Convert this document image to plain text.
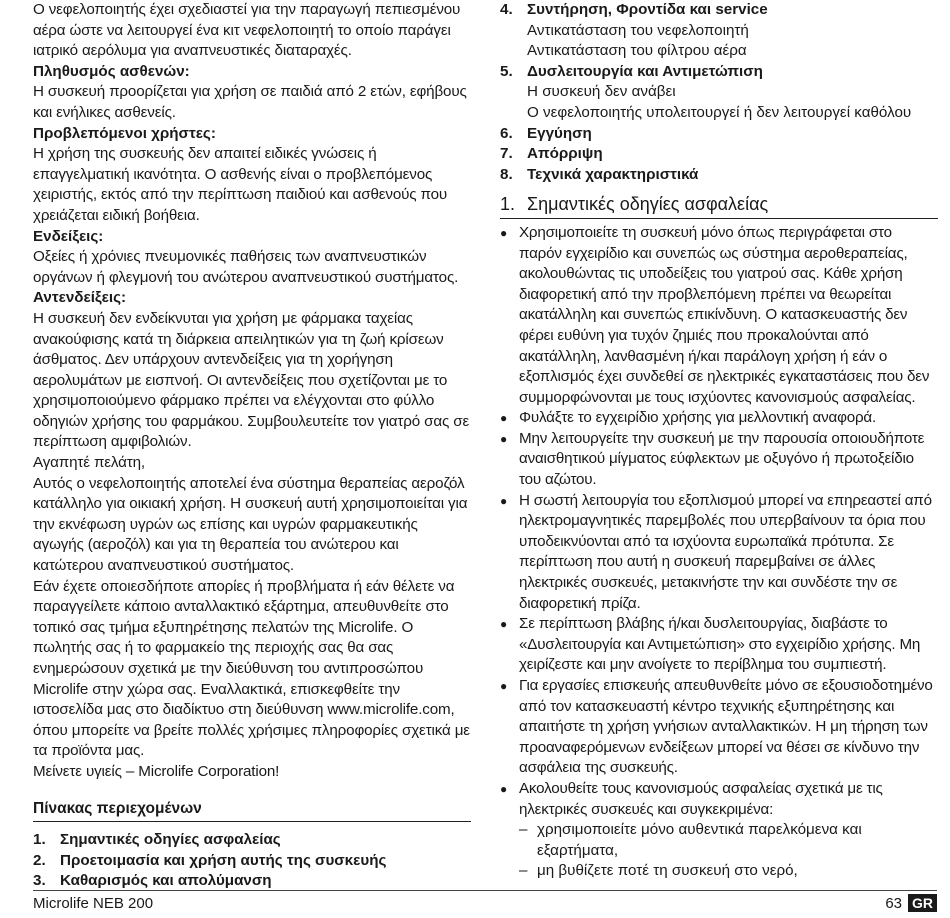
Ο νεφελοποιητής έχει σχεδιαστεί για την παραγωγή πεπιεσμένου αέρα ώστε να λειτουργεί ένα κιτ νεφελοποιητή το οποίο παράγει ιατρικό αερόλυμα για αναπνευστικές διαταραχές.

Πληθυσμός ασθενών:

Η συσκευή προορίζεται για χρήση σε παιδιά από 2 ετών, εφήβους και ενήλικες ασθενείς.

Προβλεπόμενοι χρήστες:

Η χρήση της συσκευής δεν απαιτεί ειδικές γνώσεις ή επαγγελματική ικανότητα. Ο ασθενής είναι ο προβλεπόμενος χειριστής, εκτός από την περίπτωση παιδιού και ασθενούς που χρειάζεται ειδική βοήθεια.

Ενδείξεις:

Οξείες ή χρόνιες πνευμονικές παθήσεις των αναπνευστικών οργάνων ή φλεγμονή του ανώτερου αναπνευστικού συστήματος.

Αντενδείξεις:

Η συσκευή δεν ενδείκνυται για χρήση με φάρμακα ταχείας ανακούφισης κατά τη διάρκεια απειλητικών για τη ζωή κρίσεων άσθματος. Δεν υπάρχουν αντενδείξεις για τη χορήγηση αερολυμάτων με εισπνοή. Οι αντενδείξεις που σχετίζονται με το χρησιμοποιούμενο φάρμακο πρέπει να ελέγχονται στο φύλλο οδηγιών χρήσης του φαρμάκου. Συμβουλευτείτε τον γιατρό σας σε περίπτωση αμφιβολιών.

Αγαπητέ πελάτη,

Αυτός ο νεφελοποιητής αποτελεί ένα σύστημα θεραπείας αεροζόλ κατάλληλο για οικιακή χρήση. Η συσκευή αυτή χρησιμοποιείται για την εκνέφωση υγρών ως επίσης και υγρών φαρμακευτικής αγωγής (αεροζόλ) και για τη θεραπεία του ανώτερου και κατώτερου αναπνευστικού συστήματος.

Εάν έχετε οποιεσδήποτε απορίες ή προβλήματα ή εάν θέλετε να παραγγείλετε κάποιο ανταλλακτικό εξάρτημα, απευθυνθείτε στο τοπικό σας τμήμα εξυπηρέτησης πελατών της Microlife. Ο πωλητής σας ή το φαρμακείο της περιοχής σας θα σας ενημερώσουν σχετικά με την διεύθυνση του αντιπροσώπου Microlife στην χώρα σας. Εναλλακτικά, επισκεφθείτε την ιστοσελίδα μας στο διαδίκτυο στη διεύθυνση www.microlife.com, όπου μπορείτε να βρείτε πολλές χρήσιμες πληροφορίες σχετικά με τα προϊόντα μας.

Μείνετε υγιείς – Microlife Corporation!

Πίνακας περιεχομένων
1. Σημαντικές οδηγίες ασφαλείας
2. Προετοιμασία και χρήση αυτής της συσκευής
3. Καθαρισμός και απολύμανση
4. Συντήρηση, Φροντίδα και service
Αντικατάσταση του νεφελοποιητή
Αντικατάσταση του φίλτρου αέρα
5. Δυσλειτουργία και Αντιμετώπιση
Η συσκευή δεν ανάβει
Ο νεφελοποιητής υπολειτουργεί ή δεν λειτουργεί καθόλου
6. Εγγύηση
7. Απόρριψη
8. Τεχνικά χαρακτηριστικά
1. Σημαντικές οδηγίες ασφαλείας
● Χρησιμοποιείτε τη συσκευή μόνο όπως περιγράφεται στο παρόν εγχειρίδιο και συνεπώς ως σύστημα αεροθεραπείας, ακολουθώντας τις υποδείξεις του γιατρού σας. Κάθε χρήση διαφορετική από την προβλεπόμενη πρέπει να θεωρείται ακατάλληλη και συνεπώς επικίνδυνη. Ο κατασκευαστής δεν φέρει ευθύνη για τυχόν ζημιές που προκαλούνται από ακατάλληλη, λανθασμένη ή/και παράλογη χρήση ή εάν ο εξοπλισμός έχει συνδεθεί σε ηλεκτρικές εγκαταστάσεις που δεν συμμορφώνονται με τους ισχύοντες κανονισμούς ασφαλείας.
● Φυλάξτε το εγχειρίδιο χρήσης για μελλοντική αναφορά.
● Μην λειτουργείτε την συσκευή με την παρουσία οποιουδήποτε αναισθητικού μίγματος εύφλεκτων με οξυγόνο ή πρωτοξείδιο του αζώτου.
● Η σωστή λειτουργία του εξοπλισμού μπορεί να επηρεαστεί από ηλεκτρομαγνητικές παρεμβολές που υπερβαίνουν τα όρια που υποδεικνύονται από τα ισχύοντα ευρωπαϊκά πρότυπα. Σε περίπτωση που αυτή η συσκευή παρεμβαίνει σε άλλες ηλεκτρικές συσκευές, μετακινήστε την και συνδέστε την σε διαφορετική πρίζα.
● Σε περίπτωση βλάβης ή/και δυσλειτουργίας, διαβάστε το «Δυσλειτουργία και Αντιμετώπιση» στο εγχειρίδιο χρήσης. Μη χειρίζεστε και μην ανοίγετε το περίβλημα του συμπιεστή.
● Για εργασίες επισκευής απευθυνθείτε μόνο σε εξουσιοδοτημένο από τον κατασκευαστή κέντρο τεχνικής εξυπηρέτησης και απαιτήστε τη χρήση γνήσιων ανταλλακτικών. Η μη τήρηση των προαναφερόμενων ενδείξεων μπορεί να θέσει σε κίνδυνο την ασφάλεια της συσκευής.
● Ακολουθείτε τους κανονισμούς ασφαλείας σχετικά με τις ηλεκτρικές συσκευές και συγκεκριμένα:
– χρησιμοποιείτε μόνο αυθεντικά παρελκόμενα και εξαρτήματα,
– μη βυθίζετε ποτέ τη συσκευή στο νερό,
Microlife NEB 200	63 GR
